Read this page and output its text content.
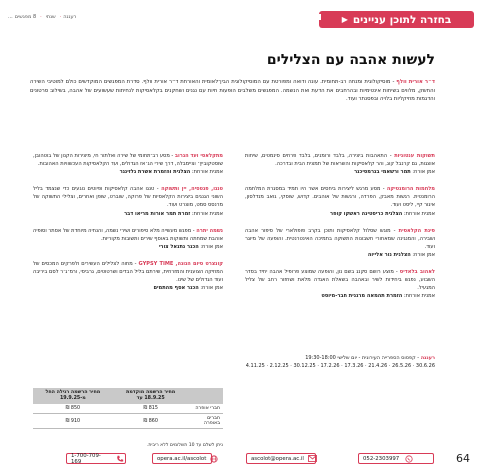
בחזרה לתוכן עניינים
▶
...רעננה·שנתי·8 מפגשים
לעשות אהבה עם הצלילים

ד״ר אורית וולף - מוסיקולוגית ומנחה רב-תחומית. עונה ודואה ומפורטת עם המוסיקולוגית הבין־לאומית והאורחת ד״ר אורית וולף. סדרת המפגשים המוקדשים כולם למוטיבי השירה והחשק, מלווים בשיחות אינטימיות ובהרחבים את הדעת ואת הנשמה. המפגשים משלבים הופעות חיות עם נגנים ושחקנים בקלאסיקות לנחיתות שעשועים של אהבה, בשילוב סרטונים והדגמות מוזיקליות בלויה ובפסנתר ועוד.

תשוקות ענטוניות - התאהבות ביצירה, בלבד ורומנים, בלבד פרחים סינמטים, שיחות אוצגות, גם קרנבל קוג, והר קלאסיקות והשראות של תמצית הבית ובדרכה.
אמן אורח: תמר ורשאמי בגרמסיכנר
מלחמות הרומנטיקה - מסע מרגש ליצירות ביחסים אשר היו תמיד במסגרת המלחמה הרומנטית. רגשות מאבק, הפרדה, ורגשות של אוהבים. קדוש, שוסקי, גואב מנדלסון, איגור קיי, ליסט ועוד.
אמנית אורחת: הצלנית כריסטינה ראשקו קופר
פינת הקלאסית - מוגש שסלול קלאסיקות ותוכן בקרב פופולארי של סיפור אהבה ושבירה, והמנגינה שמאחורי חשבונות התשוקה בתמיכה האינטרנטית. והופעה של מיוגר ועוד.
אמן אורח: הצלנית נור אלייוה
לאהוב בלאדיס - מוצע רושם סקנג בשם נון, והופעה שמוצע פרופיל אהבה יחיד בסדר השבוע, נפגש ביחידות לשיר ובאהבה בשאלת האגדה מלאת ושחזור רחב של צליל המגעיל.
אמנית אורחת: הזמרת תהמאה מרגנית חבר-מיוסט
רעננה - קפסוס הספרייה העירונית - יום שלישי 19:30-18:00
4.11.25 · 2.12.25 · 30.12.25 · 17.2.26 · 17.3.26 · 21.4.26 · 26.5.26 · 30.6.26
מתקלאסי ועד הגרוב - מסע רב־תחומי של שירה ואלתור חי, מיצירות הקנון של בוטהובן, שוסטקוביץ׳ וציימבלה, דרך שירי הג׳אז הגדולים, ועד הקלאסיקות העכשוויות האהובות.
אמנית אורחת: הצלנית והזמרת אשרת גלזינגר
טנגו, פנטסיה, יין ותשוקה - טנגו אהבה קלאסיקות ופיוטים נוגעים כדי שנצמד בליל השוני הגנגים ביצירות הקלאסיות של פרוקה, שוברט, שופן ואחרים, וצלילי התשוקה של מרנסס סמט, מוצרט ועוד.
אמנית אורחת: זמרת תמר אורות מריאו דבר
נשמה יתרה - מפגש מעשייה מלא סיפורים ושירי נשמה, והנחיה מיוחדת של אסתר וסופיה אוהבת שמחתה ותשוקות באוסף שירים ותשובות מקוריות.
אמן אורח: הכנר נתנאל צורי
קונצרט סיום הגונה, GYPSY TIME - מחוה לצלילים העשירים ולפרקים המכסים של המוזיקה הצוענית והמזרחית, שירתם בליל הבדים ושרטוטים, גרביסי, ורמ׳ג׳ר לסם ביריבה ועוד הגדולים של שינו.
אמן אורח: הכנר אסף מהתמים
	מחיר הרשמה מוקדמת 18.9.25 עד	מחיר הרשמה רגילה החל מ-19.9.25
חברי אופרה	815 ₪	850 ₪
חברים באופרה	860 ₪	910 ₪
ניתן לשלם עד 10 תשלומים ללא ריבית.
64
052-2303997
ascolot@opera.ac.il
opera.ac.il/ascolot
1-700-709-169
